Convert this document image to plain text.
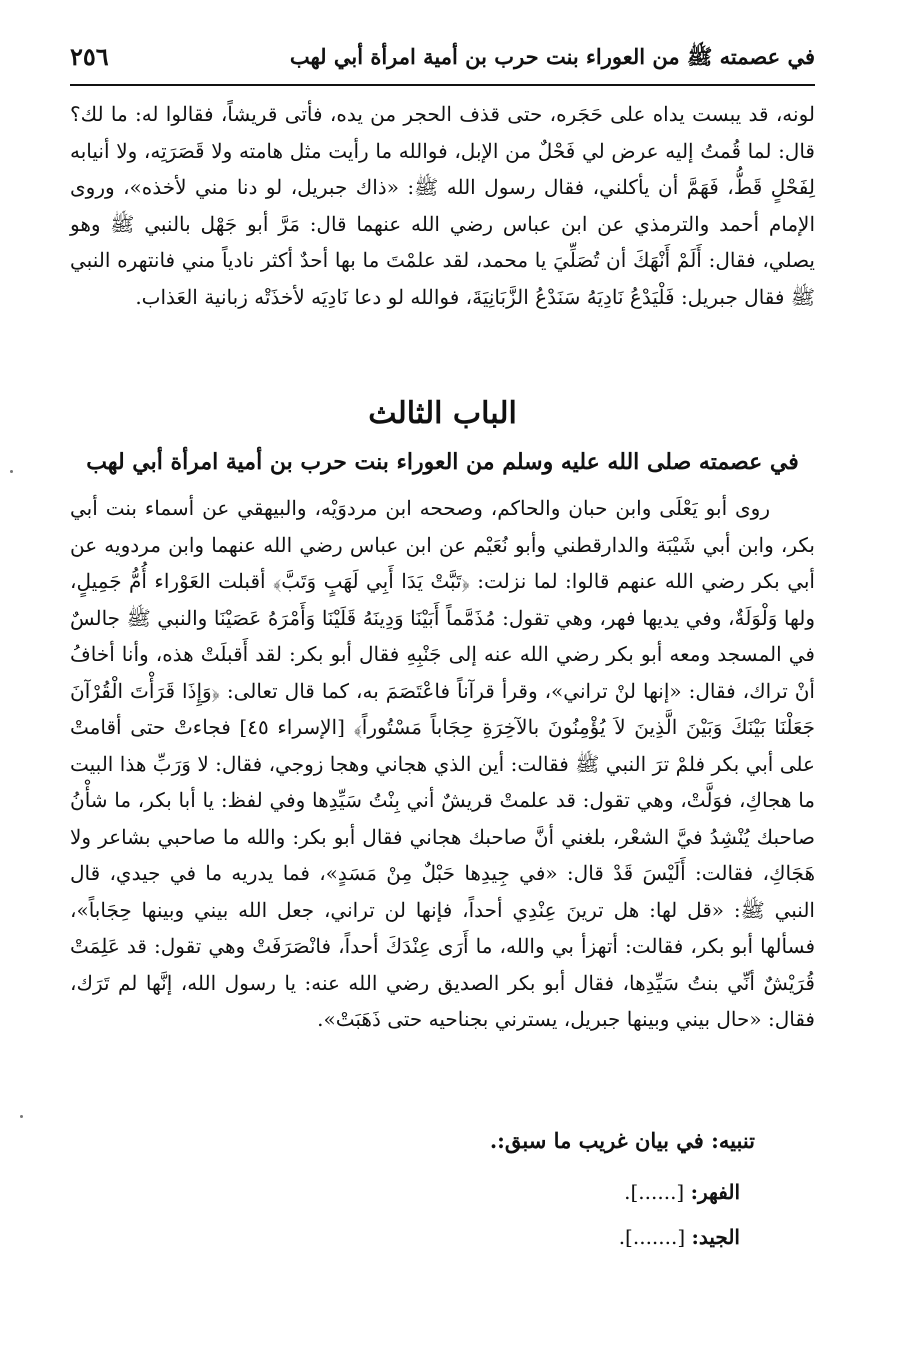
في عصمته ﷺ من العوراء بنت حرب بن أمية امرأة أبي لهب
٢٥٦
لونه، قد يبست يداه على حَجَره، حتى قذف الحجر من يده، فأتى قريشاً، فقالوا له: ما لك؟ قال: لما قُمتُ إليه عرض لي فَحْلٌ من الإبل، فوالله ما رأيت مثل هامته ولا قَصَرَتِه، ولا أنيابه لِفَحْلٍ قَطُّ، فَهَمَّ أن يأكلني، فقال رسول الله ﷺ: «ذاك جبريل، لو دنا مني لأخذه»، وروى الإمام أحمد والترمذي عن ابن عباس رضي الله عنهما قال: مَرَّ أبو جَهْل بالنبي ﷺ وهو يصلي، فقال: أَلَمْ أَنْهَكَ أن تُصَلِّيَ يا محمد، لقد علمْتَ ما بها أحدٌ أكثر نادياً مني فانتهره النبي ﷺ فقال جبريل: فَلْيَدْعُ نَادِيَهُ سَنَدْعُ الزَّبَانِيَةَ، فوالله لو دعا نَادِيَه لأخذَتْه زبانية العَذاب.
الباب الثالث
في عصمته صلى الله عليه وسلم من العوراء بنت حرب بن أمية امرأة أبي لهب
روى أبو يَعْلَى وابن حبان والحاكم، وصححه ابن مردوَيْه، والبيهقي عن أسماء بنت أبي بكر، وابن أبي شَيْبَة والدارقطني وأبو نُعَيْم عن ابن عباس رضي الله عنهما وابن مردويه عن أبي بكر رضي الله عنهم قالوا: لما نزلت: ﴿تَبَّتْ يَدَا أَبِي لَهَبٍ وَتَبَّ﴾ أقبلت العَوْراء أُمُّ جَمِيلٍ، ولها وَلْوَلَةٌ، وفي يديها فهر، وهي تقول: مُذَمَّماً أَبَيْنَا وَدِينَهُ قَلَيْنَا وَأَمْرَهُ عَصَيْنَا والنبي ﷺ جالسٌ في المسجد ومعه أبو بكر رضي الله عنه إلى جَنْبِهِ فقال أبو بكر: لقد أَقبلَتْ هذه، وأنا أخافُ أنْ تراك، فقال: «إنها لنْ تراني»، وقرأ قرآناً فاعْتَصَمَ به، كما قال تعالى: ﴿وَإِذَا قَرَأْتَ الْقُرْآنَ جَعَلْنَا بَيْنَكَ وَبَيْنَ الَّذِينَ لاَ يُؤْمِنُونَ بالآخِرَةِ حِجَاباً مَسْتُوراً﴾ [الإسراء ٤٥] فجاءتْ حتى أقامتْ على أبي بكر فلمْ ترَ النبي ﷺ فقالت: أين الذي هجاني وهجا زوجي، فقال: لا وَرَبِّ هذا البيت ما هجاكِ، فوَلَّتْ، وهي تقول: قد علمتْ قريشٌ أني بِنْتُ سَيِّدِها وفي لفظ: يا أبا بكر، ما شأْنُ صاحبك يُنْشِدُ فيَّ الشعْر، بلغني أنَّ صاحبك هجاني فقال أبو بكر: والله ما صاحبي بشاعر ولا هَجَاكِ، فقالت: أَلَيْسَ قَدْ قال: «في جِيدِها حَبْلٌ مِنْ مَسَدٍ»، فما يدريه ما في جيدي، قال النبي ﷺ: «قل لها: هل ترينَ عِنْدِي أحداً، فإنها لن تراني، جعل الله بيني وبينها حِجَاباً»، فسألها أبو بكر، فقالت: أتهزأ بي والله، ما أَرَى عِنْدَكَ أحداً، فانْصَرَفَتْ وهي تقول: قد عَلِمَتْ قُرَيْشٌ أنِّي بنتُ سَيِّدِها، فقال أبو بكر الصديق رضي الله عنه: يا رسول الله، إنَّها لم تَرَك، فقال: «حال بيني وبينها جبريل، يسترني بجناحيه حتى ذَهَبَتْ».
تنبيه: في بيان غريب ما سبق:.
الفهر: [......].
الجيد: [.......].
